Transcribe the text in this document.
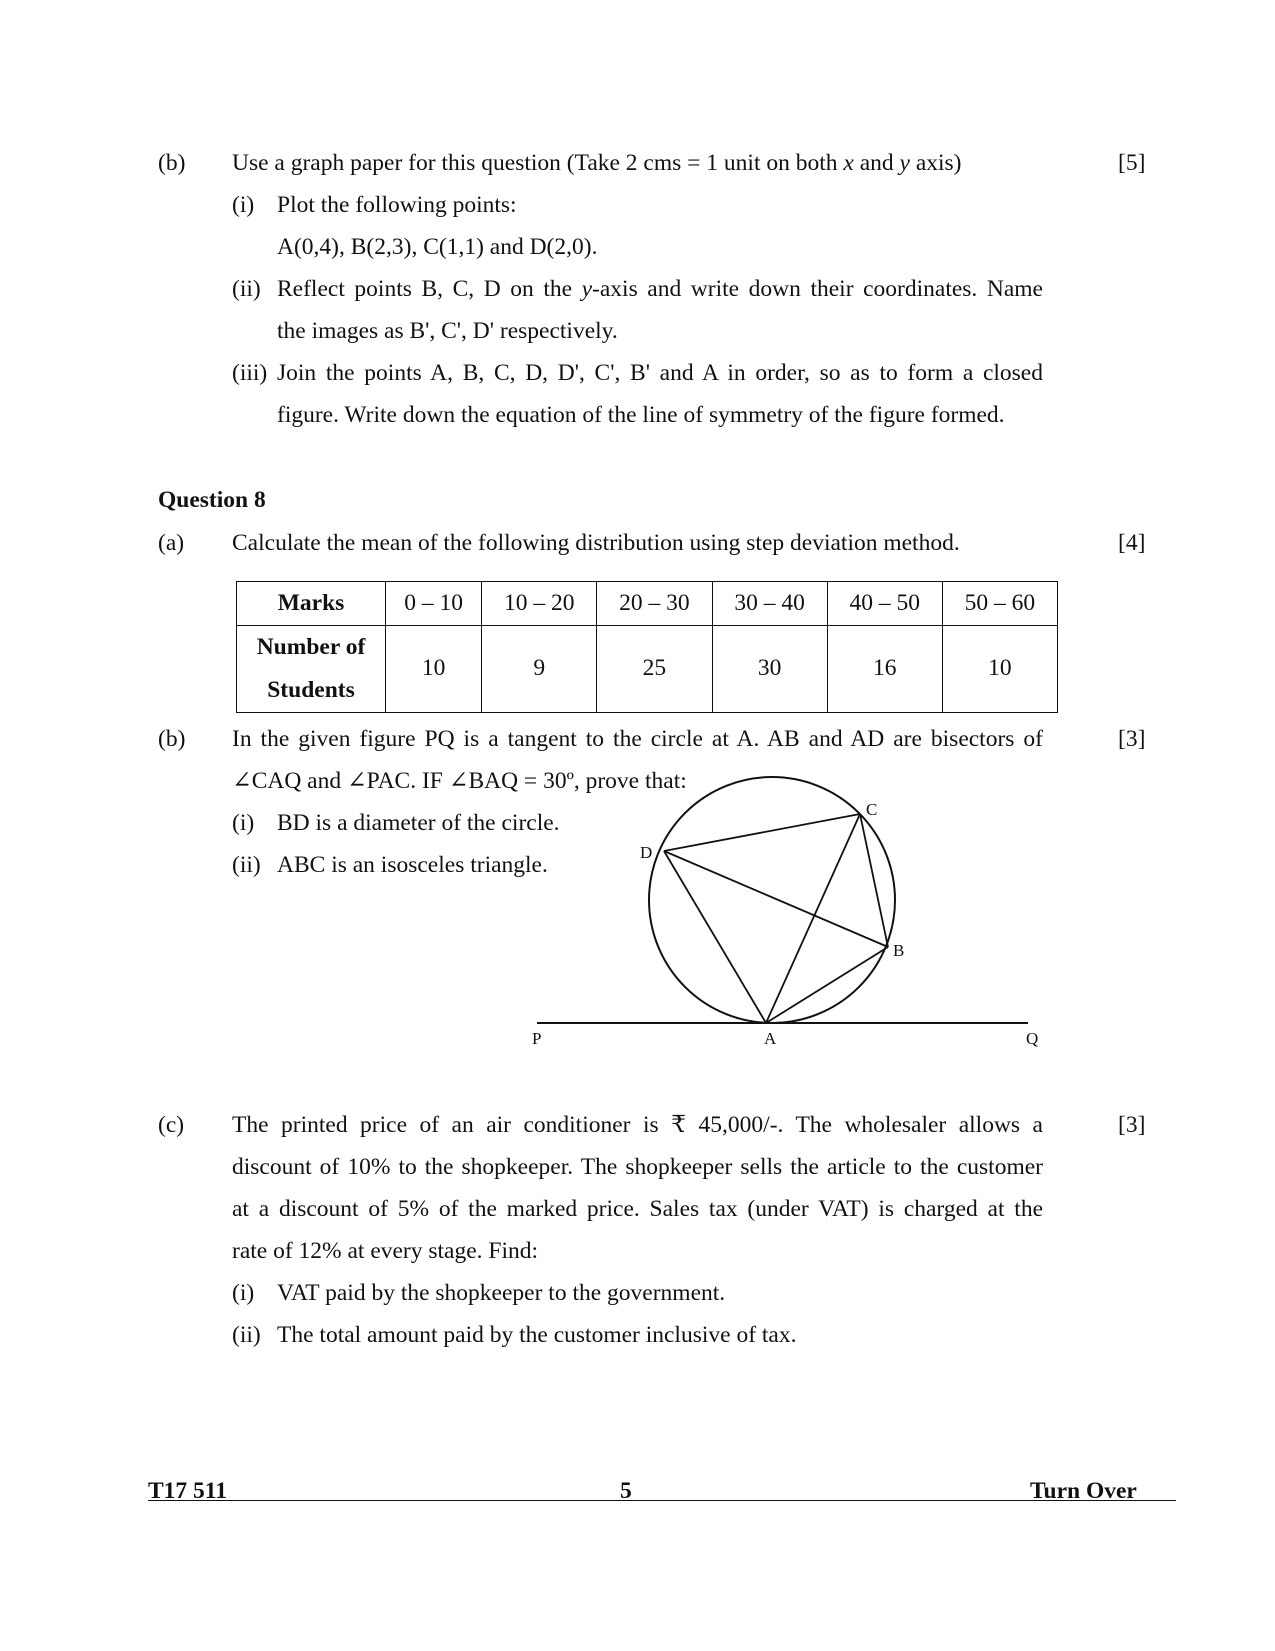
(b) Use a graph paper for this question (Take 2 cms = 1 unit on both x and y axis)	[5]
(i) Plot the following points:
A(0,4), B(2,3), C(1,1) and D(2,0).
(ii) Reflect points B, C, D on the y-axis and write down their coordinates. Name
the images as B', C', D' respectively.
(iii) Join the points A, B, C, D, D', C', B' and A in order, so as to form a closed
figure. Write down the equation of the line of symmetry of the figure formed.
Question 8
(a) Calculate the mean of the following distribution using step deviation method.	[4]
Marks	0 – 10	10 – 20	20 – 30	30 – 40	40 – 50	50 – 60
Number of
Students	10	9	25	30	16	10
(b) In the given figure PQ is a tangent to the circle at A. AB and AD are bisectors of	[3]
∠CAQ and ∠PAC. IF ∠BAQ = 30º, prove that:
(i) BD is a diameter of the circle.
(ii) ABC is an isosceles triangle.
C
D
B
P	A	Q
(c) The printed price of an air conditioner is ₹ 45,000/-. The wholesaler allows a	[3]
discount of 10% to the shopkeeper. The shopkeeper sells the article to the customer
at a discount of 5% of the marked price. Sales tax (under VAT) is charged at the
rate of 12% at every stage. Find:
(i) VAT paid by the shopkeeper to the government.
(ii) The total amount paid by the customer inclusive of tax.
T17 511	5	Turn Over
